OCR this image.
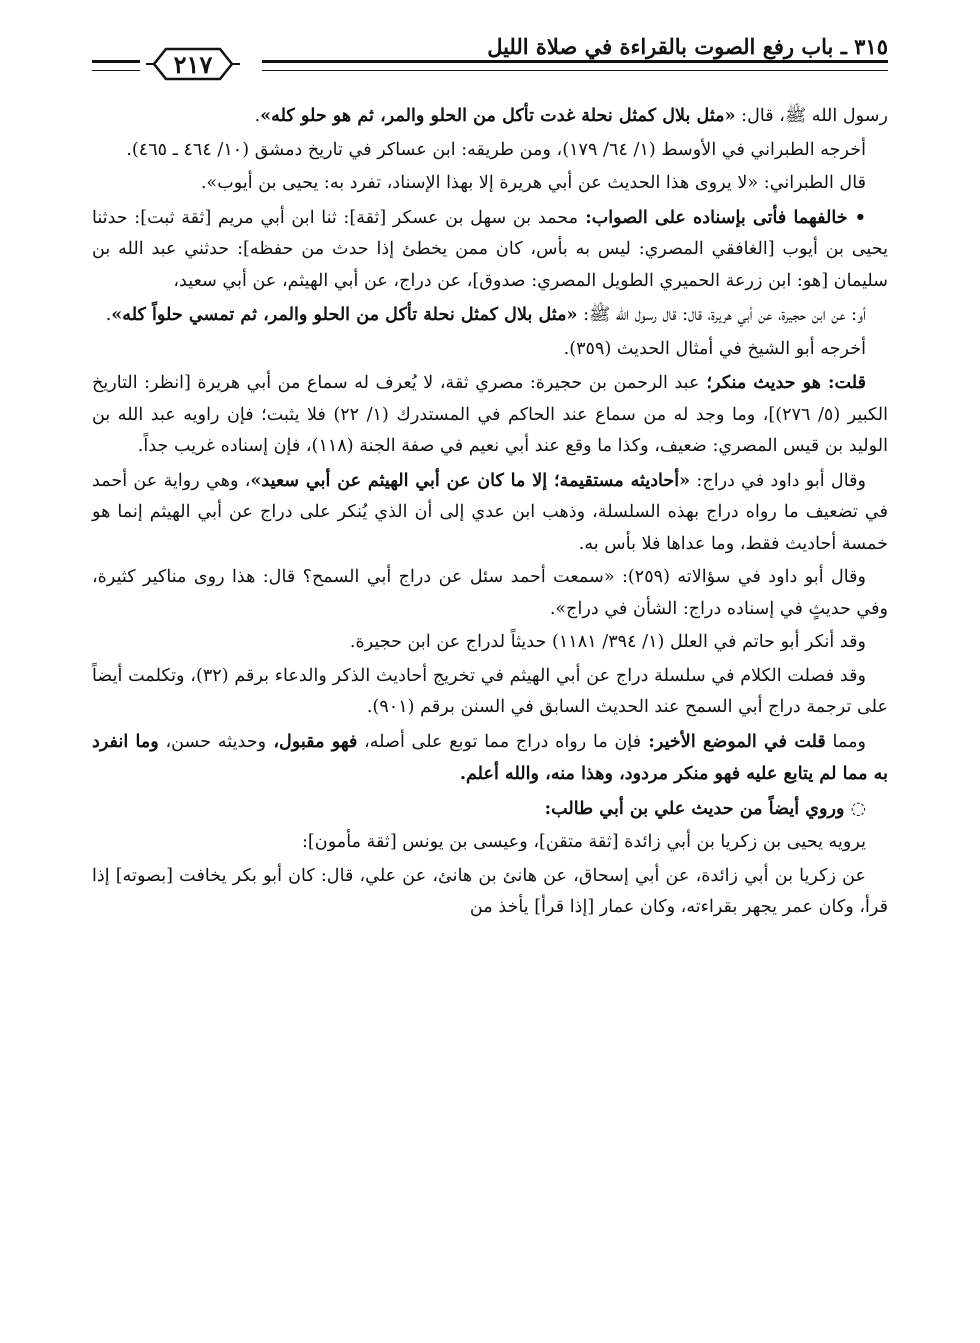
٣١٥ ـ باب رفع الصوت بالقراءة في صلاة الليل
٢١٧

رسول الله ﷺ، قال: «مثل بلال كمثل نحلة غدت تأكل من الحلو والمر، ثم هو حلو كله».

أخرجه الطبراني في الأوسط (١/ ٦٤/ ١٧٩)، ومن طريقه: ابن عساكر في تاريخ دمشق (١٠/ ٤٦٤ ـ ٤٦٥).

قال الطبراني: «لا يروى هذا الحديث عن أبي هريرة إلا بهذا الإسناد، تفرد به: يحيى بن أيوب».

• خالفهما فأتى بإسناده على الصواب: محمد بن سهل بن عسكر [ثقة]: ثنا ابن أبي مريم [ثقة ثبت]: حدثنا يحيى بن أيوب [الغافقي المصري: ليس به بأس، كان ممن يخطئ إذا حدث من حفظه]: حدثني عبد الله بن سليمان [هو: ابن زرعة الحميري الطويل المصري: صدوق]، عن دراج، عن أبي الهيثم، عن أبي سعيد،

أو: عن ابن حجيرة، عن أبي هريرة، قال: قال رسول الله ﷺ: «مثل بلال كمثل نحلة تأكل من الحلو والمر، ثم تمسي حلواً كله».

أخرجه أبو الشيخ في أمثال الحديث (٣٥٩).

قلت: هو حديث منكر؛ عبد الرحمن بن حجيرة: مصري ثقة، لا يُعرف له سماع من أبي هريرة [انظر: التاريخ الكبير (٥/ ٢٧٦)]، وما وجد له من سماع عند الحاكم في المستدرك (١/ ٢٢) فلا يثبت؛ فإن راويه عبد الله بن الوليد بن قيس المصري: ضعيف، وكذا ما وقع عند أبي نعيم في صفة الجنة (١١٨)، فإن إسناده غريب جداً.

وقال أبو داود في دراج: «أحاديثه مستقيمة؛ إلا ما كان عن أبي الهيثم عن أبي سعيد»، وهي رواية عن أحمد في تضعيف ما رواه دراج بهذه السلسلة، وذهب ابن عدي إلى أن الذي يُنكر على دراج عن أبي الهيثم إنما هو خمسة أحاديث فقط، وما عداها فلا بأس به.

وقال أبو داود في سؤالاته (٢٥٩): «سمعت أحمد سئل عن دراج أبي السمح؟ قال: هذا روى مناكير كثيرة، وفي حديثٍ في إسناده دراج: الشأن في دراج».

وقد أنكر أبو حاتم في العلل (١/ ٣٩٤/ ١١٨١) حديثاً لدراج عن ابن حجيرة.

وقد فصلت الكلام في سلسلة دراج عن أبي الهيثم في تخريج أحاديث الذكر والدعاء برقم (٣٢)، وتكلمت أيضاً على ترجمة دراج أبي السمح عند الحديث السابق في السنن برقم (٩٠١).

ومما قلت في الموضع الأخير: فإن ما رواه دراج مما توبع على أصله، فهو مقبول، وحديثه حسن، وما انفرد به مما لم يتابع عليه فهو منكر مردود، وهذا منه، والله أعلم.

◌ وروي أيضاً من حديث علي بن أبي طالب:

يرويه يحيى بن زكريا بن أبي زائدة [ثقة متقن]، وعيسى بن يونس [ثقة مأمون]:

عن زكريا بن أبي زائدة، عن أبي إسحاق، عن هانئ بن هانئ، عن علي، قال: كان أبو بكر يخافت [بصوته] إذا قرأ، وكان عمر يجهر بقراءته، وكان عمار [إذا قرأ] يأخذ من
